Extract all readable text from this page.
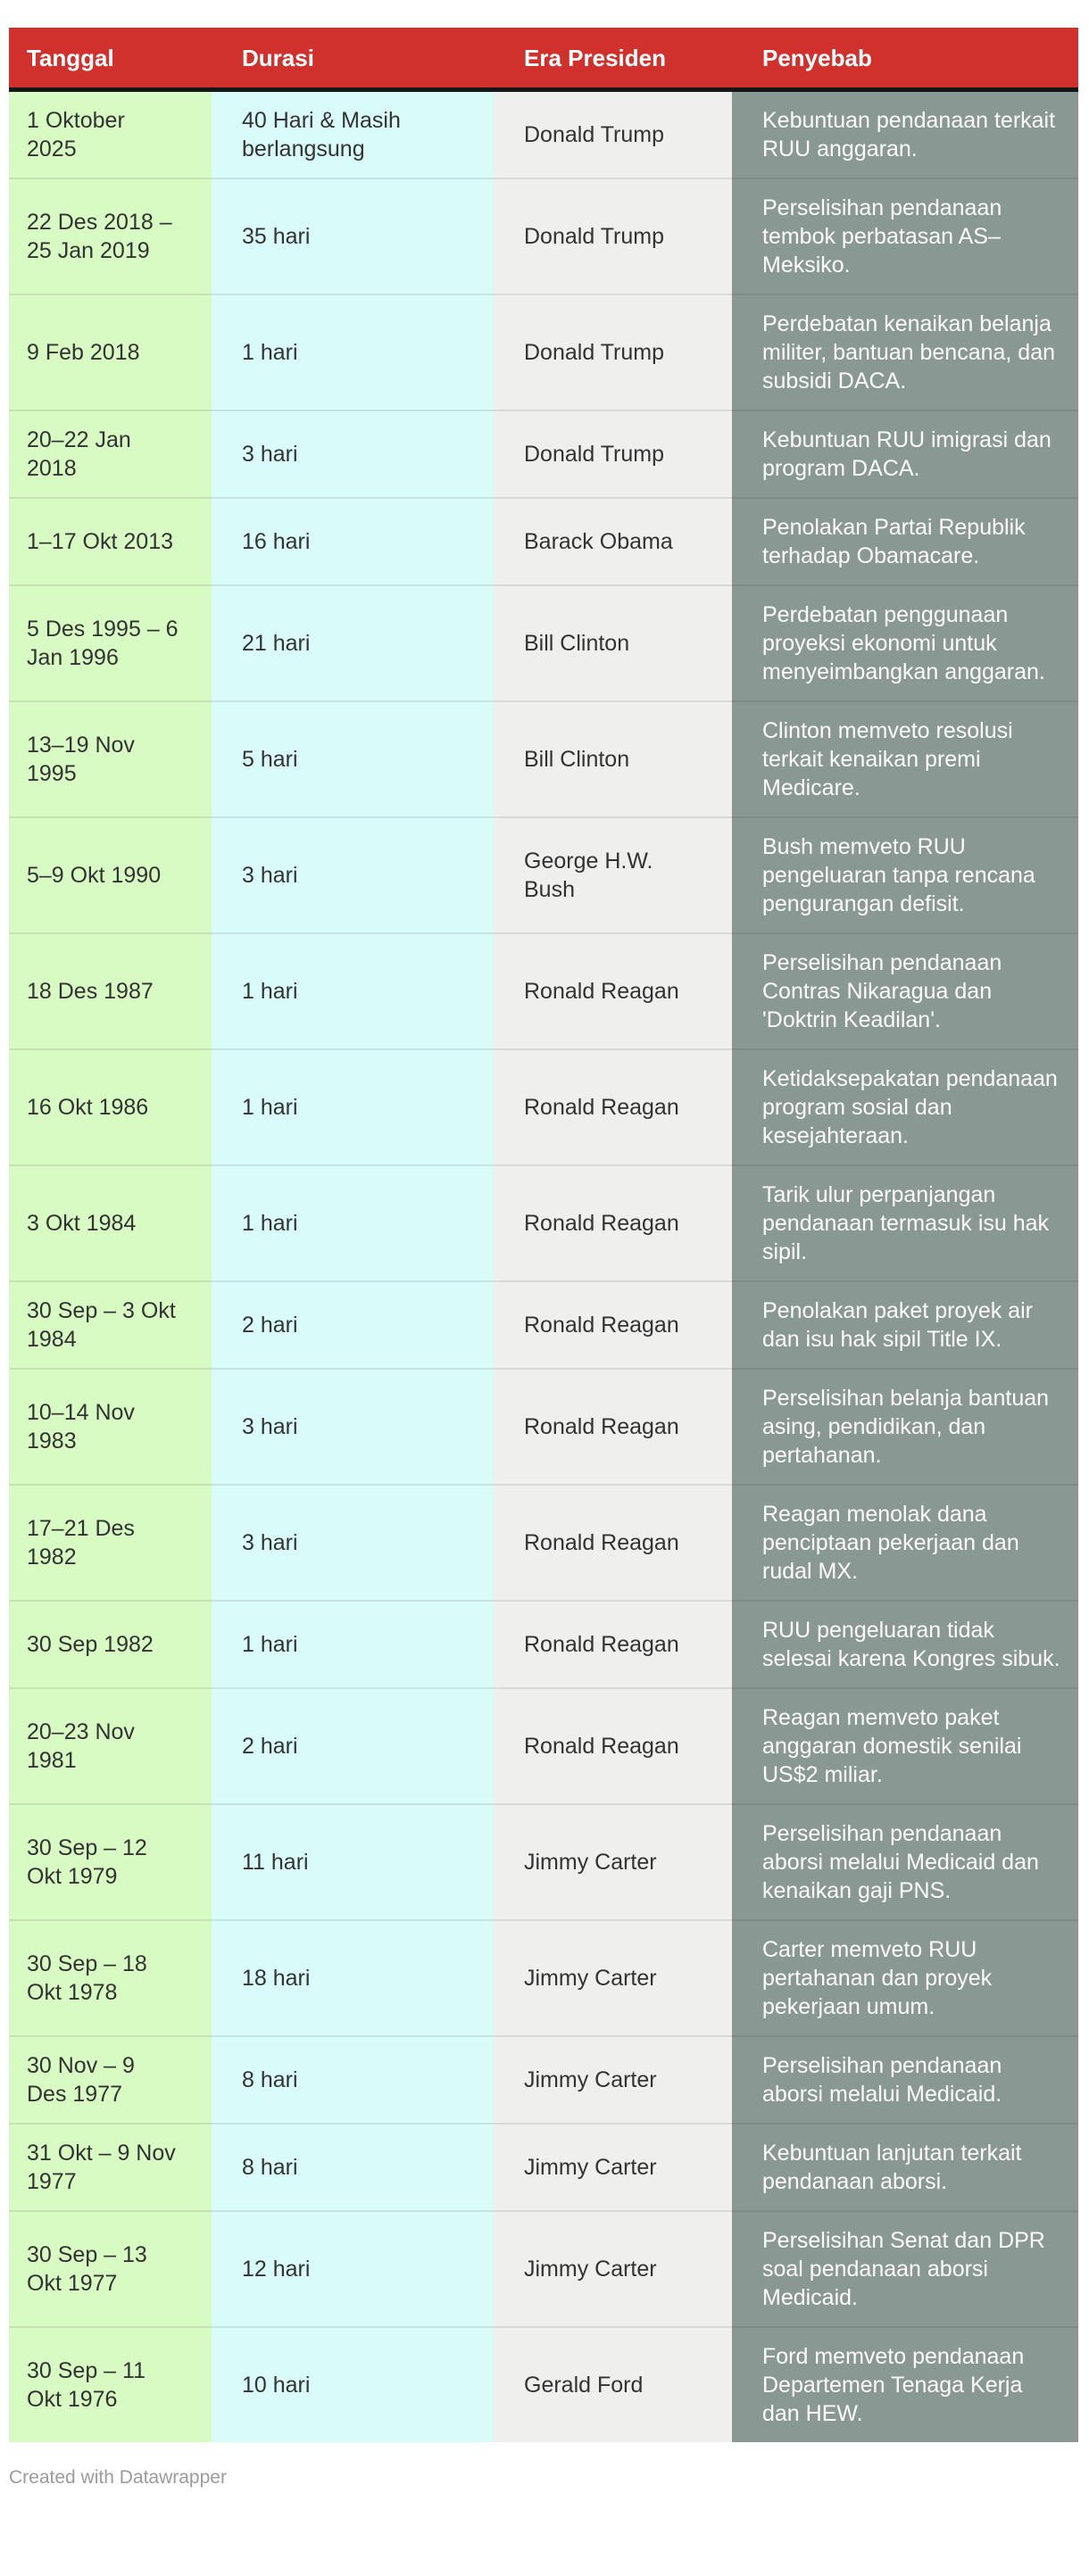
Tanggal	Durasi	Era Presiden	Penyebab
1 Oktober 2025	40 Hari & Masih berlangsung	Donald Trump	Kebuntuan pendanaan terkait RUU anggaran.
22 Des 2018 – 25 Jan 2019	35 hari	Donald Trump	Perselisihan pendanaan tembok perbatasan AS–Meksiko.
9 Feb 2018	1 hari	Donald Trump	Perdebatan kenaikan belanja militer, bantuan bencana, dan subsidi DACA.
20–22 Jan 2018	3 hari	Donald Trump	Kebuntuan RUU imigrasi dan program DACA.
1–17 Okt 2013	16 hari	Barack Obama	Penolakan Partai Republik terhadap Obamacare.
5 Des 1995 – 6 Jan 1996	21 hari	Bill Clinton	Perdebatan penggunaan proyeksi ekonomi untuk menyeimbangkan anggaran.
13–19 Nov 1995	5 hari	Bill Clinton	Clinton memveto resolusi terkait kenaikan premi Medicare.
5–9 Okt 1990	3 hari	George H.W. Bush	Bush memveto RUU pengeluaran tanpa rencana pengurangan defisit.
18 Des 1987	1 hari	Ronald Reagan	Perselisihan pendanaan Contras Nikaragua dan 'Doktrin Keadilan'.
16 Okt 1986	1 hari	Ronald Reagan	Ketidaksepakatan pendanaan program sosial dan kesejahteraan.
3 Okt 1984	1 hari	Ronald Reagan	Tarik ulur perpanjangan pendanaan termasuk isu hak sipil.
30 Sep – 3 Okt 1984	2 hari	Ronald Reagan	Penolakan paket proyek air dan isu hak sipil Title IX.
10–14 Nov 1983	3 hari	Ronald Reagan	Perselisihan belanja bantuan asing, pendidikan, dan pertahanan.
17–21 Des 1982	3 hari	Ronald Reagan	Reagan menolak dana penciptaan pekerjaan dan rudal MX.
30 Sep 1982	1 hari	Ronald Reagan	RUU pengeluaran tidak selesai karena Kongres sibuk.
20–23 Nov 1981	2 hari	Ronald Reagan	Reagan memveto paket anggaran domestik senilai US$2 miliar.
30 Sep – 12 Okt 1979	11 hari	Jimmy Carter	Perselisihan pendanaan aborsi melalui Medicaid dan kenaikan gaji PNS.
30 Sep – 18 Okt 1978	18 hari	Jimmy Carter	Carter memveto RUU pertahanan dan proyek pekerjaan umum.
30 Nov – 9 Des 1977	8 hari	Jimmy Carter	Perselisihan pendanaan aborsi melalui Medicaid.
31 Okt – 9 Nov 1977	8 hari	Jimmy Carter	Kebuntuan lanjutan terkait pendanaan aborsi.
30 Sep – 13 Okt 1977	12 hari	Jimmy Carter	Perselisihan Senat dan DPR soal pendanaan aborsi Medicaid.
30 Sep – 11 Okt 1976	10 hari	Gerald Ford	Ford memveto pendanaan Departemen Tenaga Kerja dan HEW.
Created with Datawrapper
